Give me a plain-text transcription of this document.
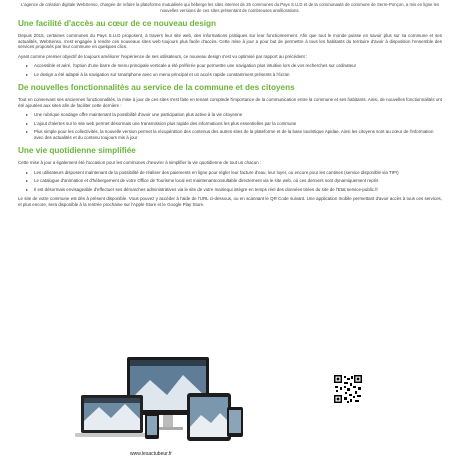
L'agence de création digitale WebSenso, chargée de refaire la plateforme mutualisée qui héberge les sites internet de 25 communes du Pays S.U.D et de la communauté de commune de Serre-Ponçon, a mis en ligne les nouvelles versions de ces sites présentant de nombreuses améliorations.

Une facilité d'accès au cœur de ce nouveau design

Depuis 2015, certaines communes du Pays S.U.D proposent, à travers leur site web, des informations pratiques sur leur fonctionnement. Afin que tout le monde puisse en savoir plus sur sa commune et ses actualités, WebSenso, s'est engagée à rendre ces nouveaux sites web toujours plus facile d'accès. Cette mise à jour a pour but de permettre à tous les habitants du territoire d'avoir à disposition l'ensemble des services proposés par leur commune en quelques clics.

Ayant comme premier objectif de toujours améliorer l'expérience de ses utilisateurs, ce nouveau design s'est vu optimisé par rapport au précédent :

▸ Accessible et aéré, l'option d'une barre de menu principale verticale a été préférée pour permettre une navigation plus intuitive lors de vos recherches sur ordinateur
▸ Le design a été adapté à la navigation sur smartphone avec un menu principal et un accès rapide constamment présents à l'écran
De nouvelles fonctionnalités au service de la commune et des citoyens

Tout en conservant ses anciennes fonctionnalités, la mise à jour de ces sites s'est faite en tenant comptede l'importance de la communication entre la commune et ses habitants. Ainsi, de nouvelles fonctionnalités ont été ajoutées aux sites afin de faciliter cette dernière :

▸ Une rubrique sondage offre maintenant la possibilité d'avoir une participation plus active à la vie citoyenne
▸ L'ajout d'alertes sur le site web permet désormais une transmission plus rapide des informations les plus essentielles par la commune
▸ Plus simple pour les collectivités, la nouvelle version permet la récupération des contenus des autres sites de la plateforme et de la base touristique Apidae. Ainsi les citoyens sont au cœur de l'information avec des actualités et du contenu toujours mis à jour
Une vie quotidienne simplifiée

Cette mise à jour a également été l'occasion pour les communes d'œuvrer à simplifier la vie quotidienne de tout un chacun :

▸ Les utilisateurs disposent maintenant de la possibilité de réaliser des paiements en ligne pour régler leur facture d'eau, leur loyer, ou encore pour les cantines (service disponible via TIPI)
▸ Le catalogue d'animation et d'hébergement de votre Office de Tourisme local est maintenantconsultable directement via le site web, où ces derniers sont dynamiquement repris
▸ Il est désormais envisageable d'effectuer ses démarches administratives via le site de votre mairiequi intègre en temps réel des données tirées du site de l'Etat service-public.fr

Le site de votre commune est dès à présent disponible. Vous pouvez y accéder à l'aide de l'URL ci-dessous, ou en scannant le QR Code suivant. Une application mobile permettant d'avoir accès à tous ces services, et plus encore, sera disponible à la rentrée prochaine sur l'Apple Store et le Google Play Store.

www.lesactubeur.fr
